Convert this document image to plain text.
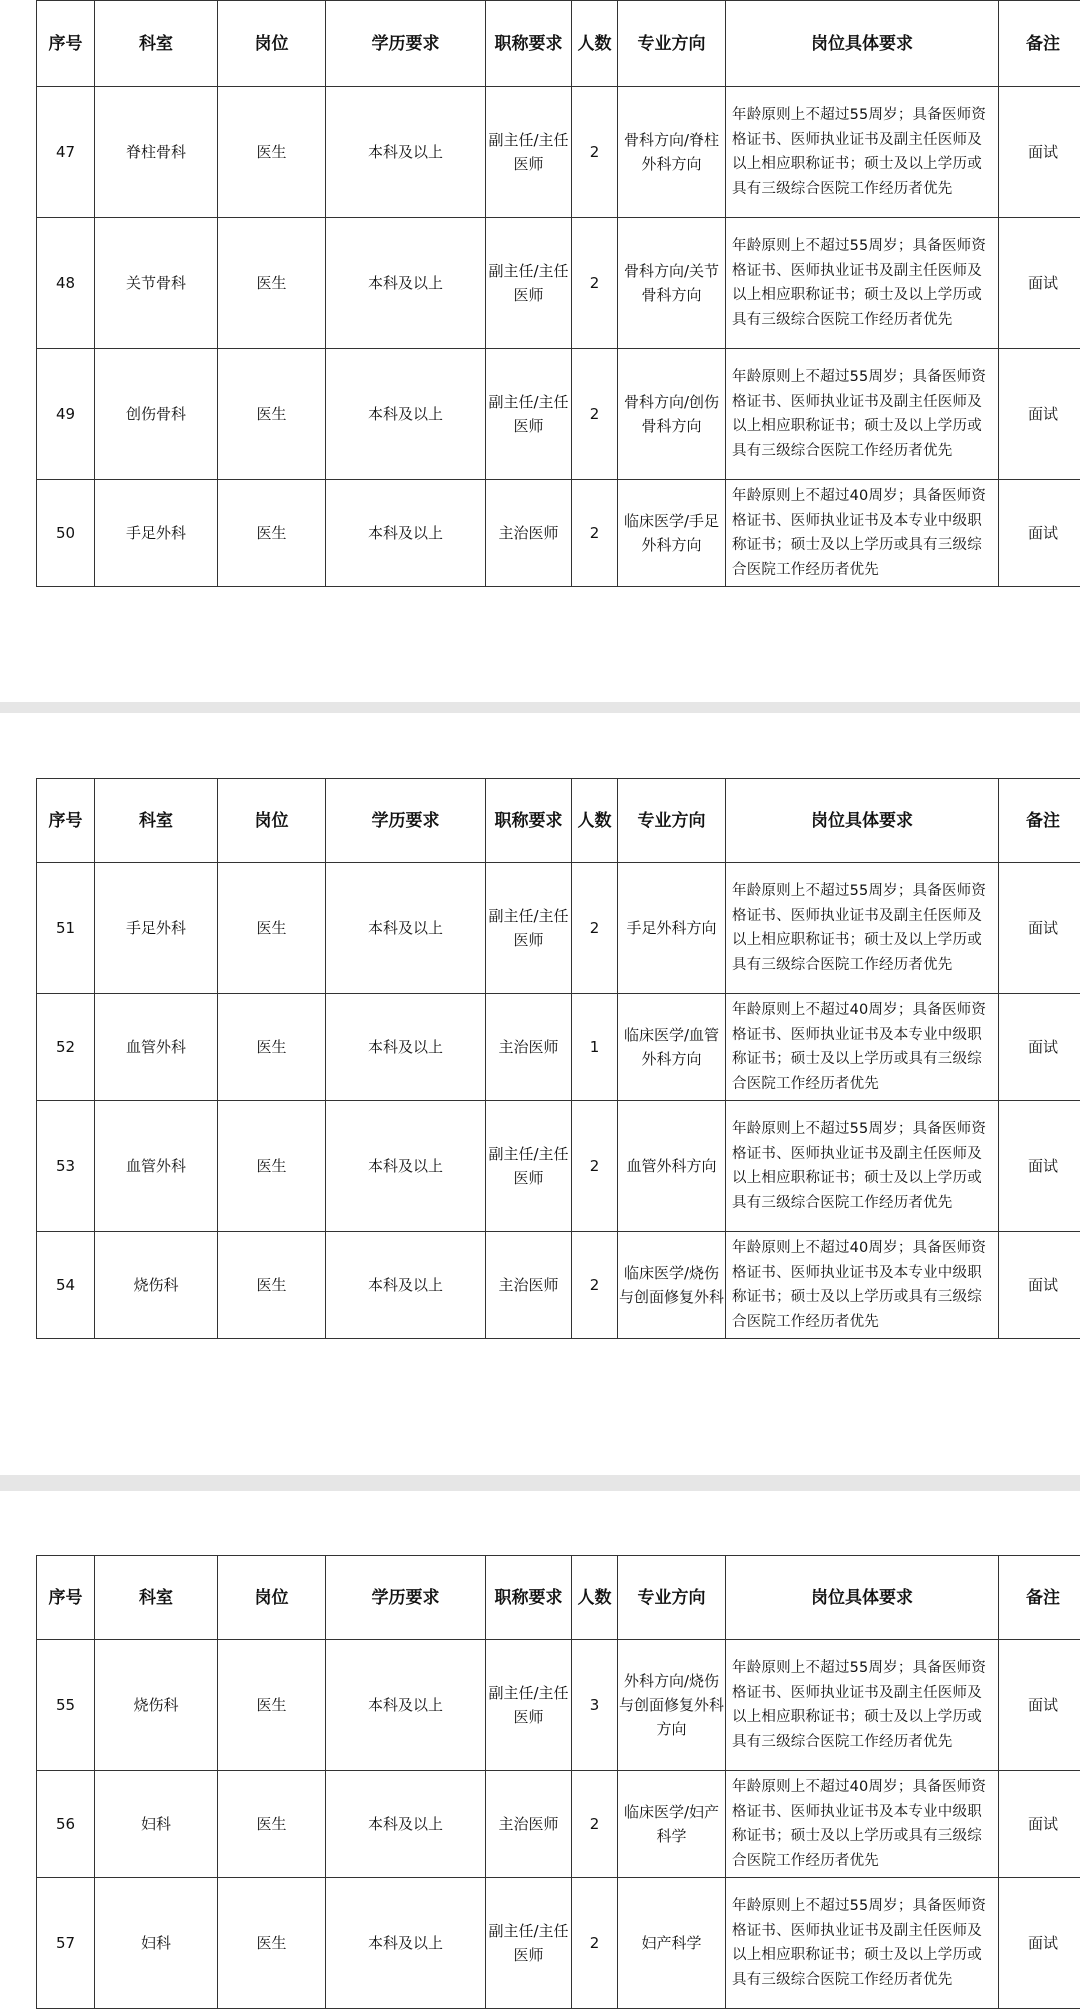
序号	科室	岗位	学历要求	职称要求	人数	专业方向	岗位具体要求	备注
47	脊柱骨科	医生	本科及以上	副主任/主任医师	2	骨科方向/脊柱外科方向	年龄原则上不超过55周岁；具备医师资格证书、医师执业证书及副主任医师及以上相应职称证书；硕士及以上学历或具有三级综合医院工作经历者优先	面试
48	关节骨科	医生	本科及以上	副主任/主任医师	2	骨科方向/关节骨科方向	年龄原则上不超过55周岁；具备医师资格证书、医师执业证书及副主任医师及以上相应职称证书；硕士及以上学历或具有三级综合医院工作经历者优先	面试
49	创伤骨科	医生	本科及以上	副主任/主任医师	2	骨科方向/创伤骨科方向	年龄原则上不超过55周岁；具备医师资格证书、医师执业证书及副主任医师及以上相应职称证书；硕士及以上学历或具有三级综合医院工作经历者优先	面试
50	手足外科	医生	本科及以上	主治医师	2	临床医学/手足外科方向	年龄原则上不超过40周岁；具备医师资格证书、医师执业证书及本专业中级职称证书；硕士及以上学历或具有三级综合医院工作经历者优先	面试
序号	科室	岗位	学历要求	职称要求	人数	专业方向	岗位具体要求	备注
51	手足外科	医生	本科及以上	副主任/主任医师	2	手足外科方向	年龄原则上不超过55周岁；具备医师资格证书、医师执业证书及副主任医师及以上相应职称证书；硕士及以上学历或具有三级综合医院工作经历者优先	面试
52	血管外科	医生	本科及以上	主治医师	1	临床医学/血管外科方向	年龄原则上不超过40周岁；具备医师资格证书、医师执业证书及本专业中级职称证书；硕士及以上学历或具有三级综合医院工作经历者优先	面试
53	血管外科	医生	本科及以上	副主任/主任医师	2	血管外科方向	年龄原则上不超过55周岁；具备医师资格证书、医师执业证书及副主任医师及以上相应职称证书；硕士及以上学历或具有三级综合医院工作经历者优先	面试
54	烧伤科	医生	本科及以上	主治医师	2	临床医学/烧伤与创面修复外科	年龄原则上不超过40周岁；具备医师资格证书、医师执业证书及本专业中级职称证书；硕士及以上学历或具有三级综合医院工作经历者优先	面试
序号	科室	岗位	学历要求	职称要求	人数	专业方向	岗位具体要求	备注
55	烧伤科	医生	本科及以上	副主任/主任医师	3	外科方向/烧伤与创面修复外科方向	年龄原则上不超过55周岁；具备医师资格证书、医师执业证书及副主任医师及以上相应职称证书；硕士及以上学历或具有三级综合医院工作经历者优先	面试
56	妇科	医生	本科及以上	主治医师	2	临床医学/妇产科学	年龄原则上不超过40周岁；具备医师资格证书、医师执业证书及本专业中级职称证书；硕士及以上学历或具有三级综合医院工作经历者优先	面试
57	妇科	医生	本科及以上	副主任/主任医师	2	妇产科学	年龄原则上不超过55周岁；具备医师资格证书、医师执业证书及副主任医师及以上相应职称证书；硕士及以上学历或具有三级综合医院工作经历者优先	面试
